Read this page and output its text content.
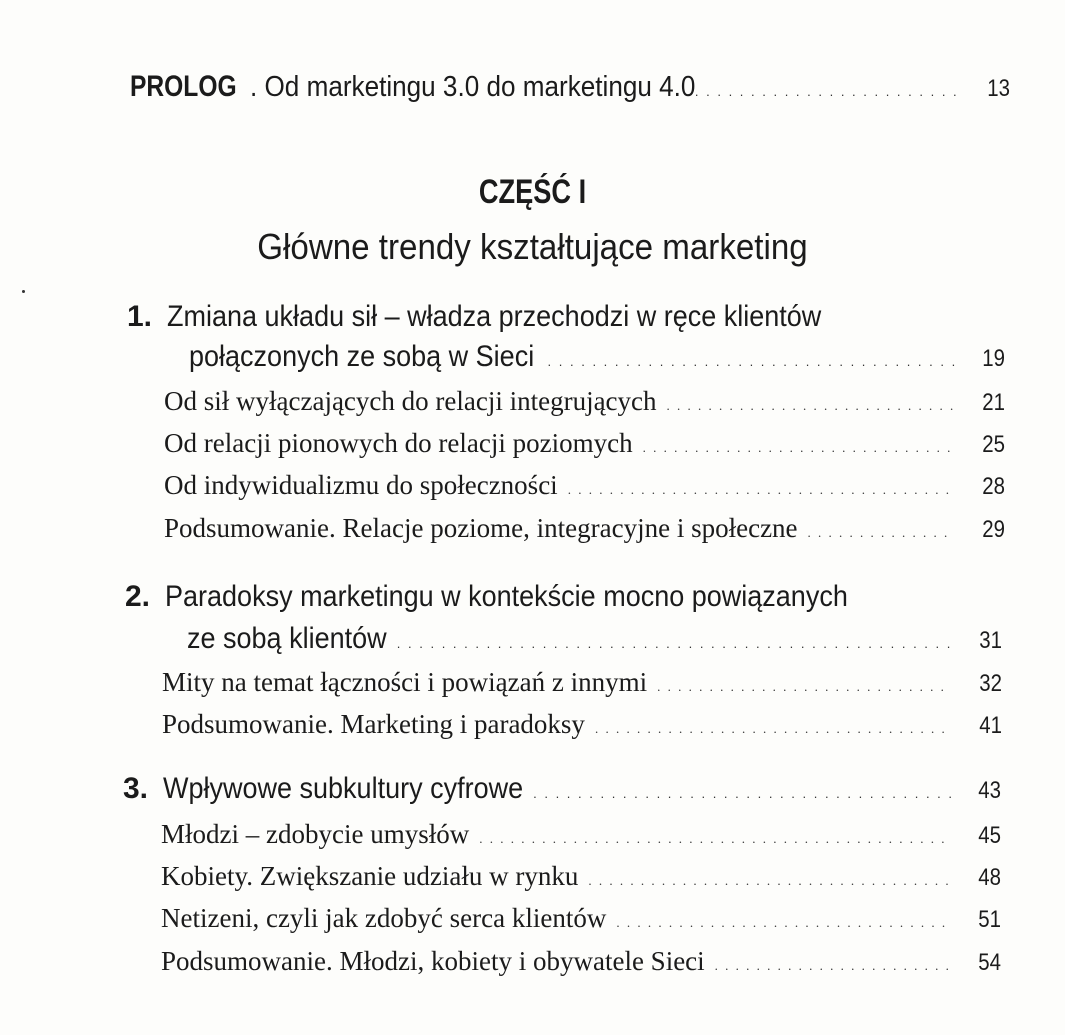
PROLOG . Od marketingu 3.0 do marketingu 4.0 . . .	13
CZĘŚĆ I
Główne trendy kształtujące marketing
1. Zmiana układu sił – władza przechodzi w ręce klientów
połączonych ze sobą w Sieci . . .	19
Od sił wyłączających do relacji integrujących . . .	21
Od relacji pionowych do relacji poziomych . . .	25
Od indywidualizmu do społeczności . . .	28
Podsumowanie. Relacje poziome, integracyjne i społeczne . . .	29
2. Paradoksy marketingu w kontekście mocno powiązanych
ze sobą klientów . . .	31
Mity na temat łączności i powiązań z innymi . . .	32
Podsumowanie. Marketing i paradoksy . . .	41
3. Wpływowe subkultury cyfrowe . . .	43
Młodzi – zdobycie umysłów . . .	45
Kobiety. Zwiększanie udziału w rynku . . .	48
Netizeni, czyli jak zdobyć serca klientów . . .	51
Podsumowanie. Młodzi, kobiety i obywatele Sieci . . .	54
